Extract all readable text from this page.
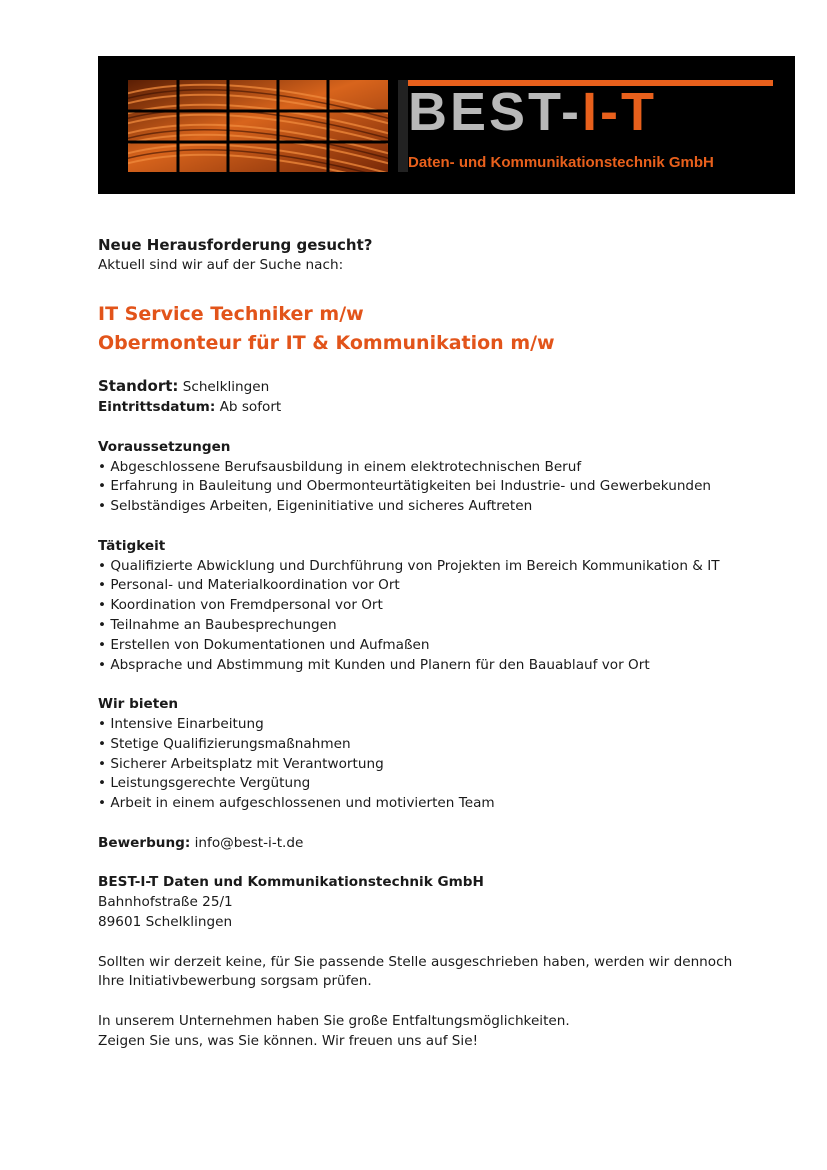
BEST-I-T
Daten- und Kommunikationstechnik GmbH

Neue Herausforderung gesucht?

Aktuell sind wir auf der Suche nach:

IT Service Techniker m/w
Obermonteur für IT & Kommunikation m/w

Standort: Schelklingen

Eintrittsdatum: Ab sofort

Voraussetzungen

• Abgeschlossene Berufsausbildung in einem elektrotechnischen Beruf
• Erfahrung in Bauleitung und Obermonteurtätigkeiten bei Industrie- und Gewerbekunden
• Selbständiges Arbeiten, Eigeninitiative und sicheres Auftreten

Tätigkeit

• Qualifizierte Abwicklung und Durchführung von Projekten im Bereich Kommunikation & IT
• Personal- und Materialkoordination vor Ort
• Koordination von Fremdpersonal vor Ort
• Teilnahme an Baubesprechungen
• Erstellen von Dokumentationen und Aufmaßen
• Absprache und Abstimmung mit Kunden und Planern für den Bauablauf vor Ort

Wir bieten

• Intensive Einarbeitung
• Stetige Qualifizierungsmaßnahmen
• Sicherer Arbeitsplatz mit Verantwortung
• Leistungsgerechte Vergütung
• Arbeit in einem aufgeschlossenen und motivierten Team

Bewerbung: info@best-i-t.de

BEST-I-T Daten und Kommunikationstechnik GmbH

Bahnhofstraße 25/1

89601 Schelklingen

Sollten wir derzeit keine, für Sie passende Stelle ausgeschrieben haben, werden wir dennoch

Ihre Initiativbewerbung sorgsam prüfen.

In unserem Unternehmen haben Sie große Entfaltungsmöglichkeiten.

Zeigen Sie uns, was Sie können. Wir freuen uns auf Sie!
